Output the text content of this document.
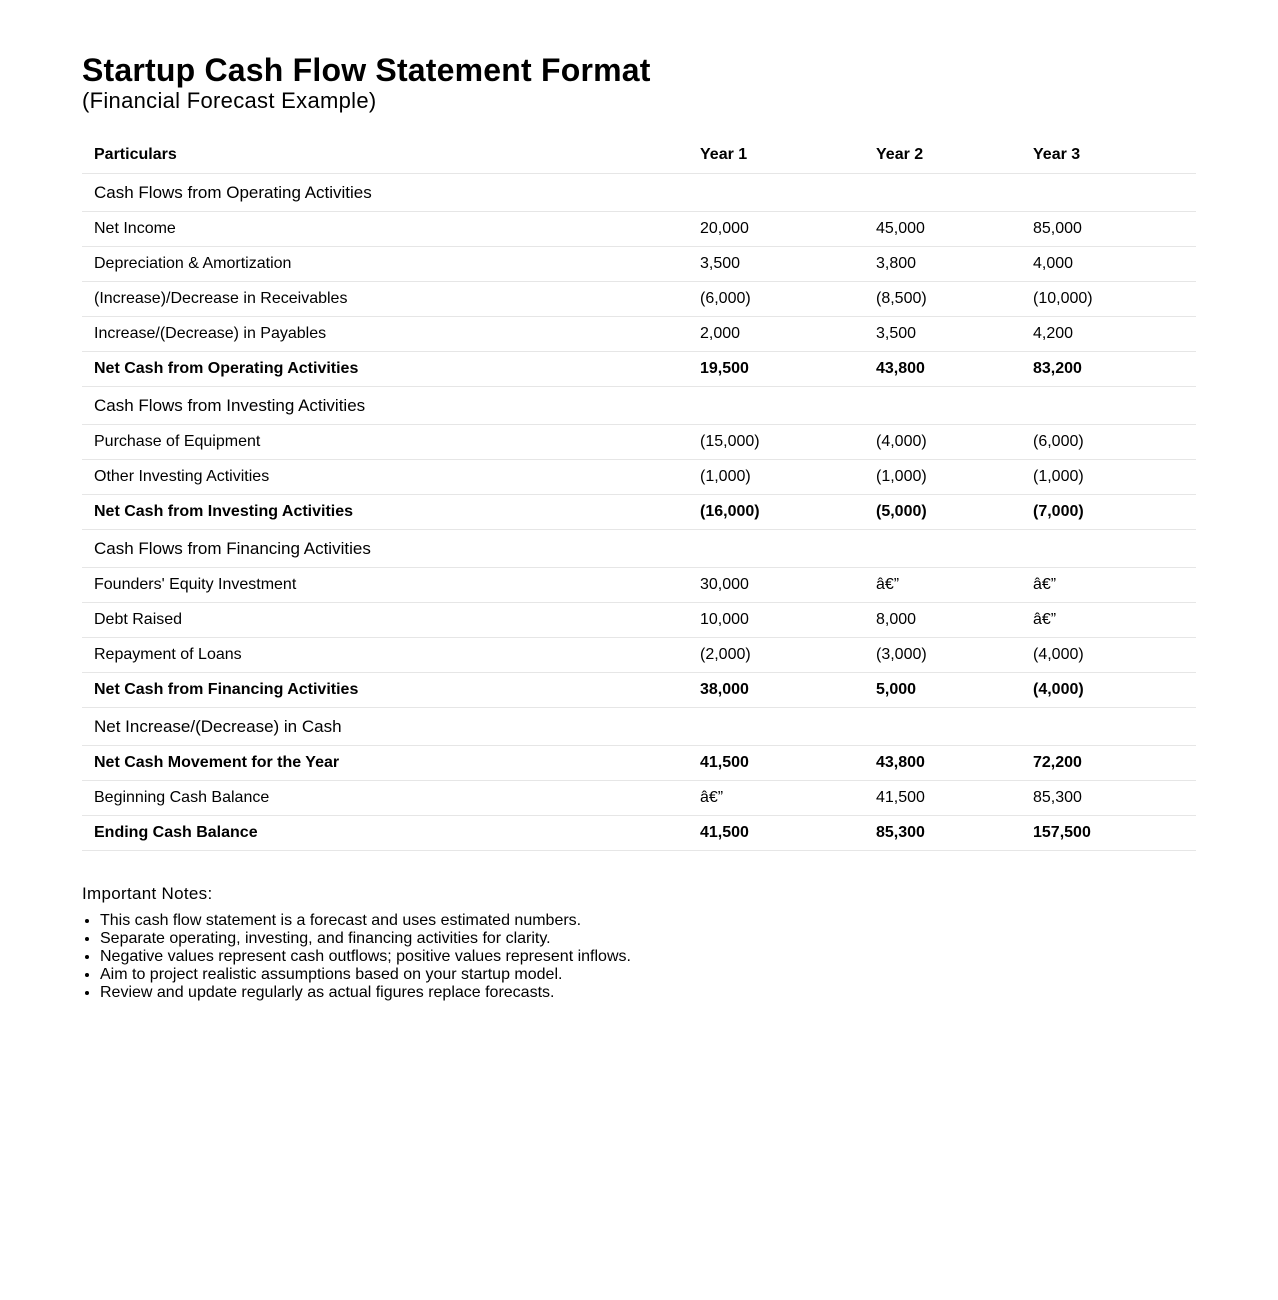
Startup Cash Flow Statement Format
(Financial Forecast Example)
Particulars	Year 1	Year 2	Year 3
Cash Flows from Operating Activities			
Net Income	20,000	45,000	85,000
Depreciation & Amortization	3,500	3,800	4,000
(Increase)/Decrease in Receivables	(6,000)	(8,500)	(10,000)
Increase/(Decrease) in Payables	2,000	3,500	4,200
Net Cash from Operating Activities	19,500	43,800	83,200
Cash Flows from Investing Activities			
Purchase of Equipment	(15,000)	(4,000)	(6,000)
Other Investing Activities	(1,000)	(1,000)	(1,000)
Net Cash from Investing Activities	(16,000)	(5,000)	(7,000)
Cash Flows from Financing Activities			
Founders' Equity Investment	30,000	â€”	â€”
Debt Raised	10,000	8,000	â€”
Repayment of Loans	(2,000)	(3,000)	(4,000)
Net Cash from Financing Activities	38,000	5,000	(4,000)
Net Increase/(Decrease) in Cash			
Net Cash Movement for the Year	41,500	43,800	72,200
Beginning Cash Balance	â€”	41,500	85,300
Ending Cash Balance	41,500	85,300	157,500
Important Notes:
• This cash flow statement is a forecast and uses estimated numbers.
• Separate operating, investing, and financing activities for clarity.
• Negative values represent cash outflows; positive values represent inflows.
• Aim to project realistic assumptions based on your startup model.
• Review and update regularly as actual figures replace forecasts.
